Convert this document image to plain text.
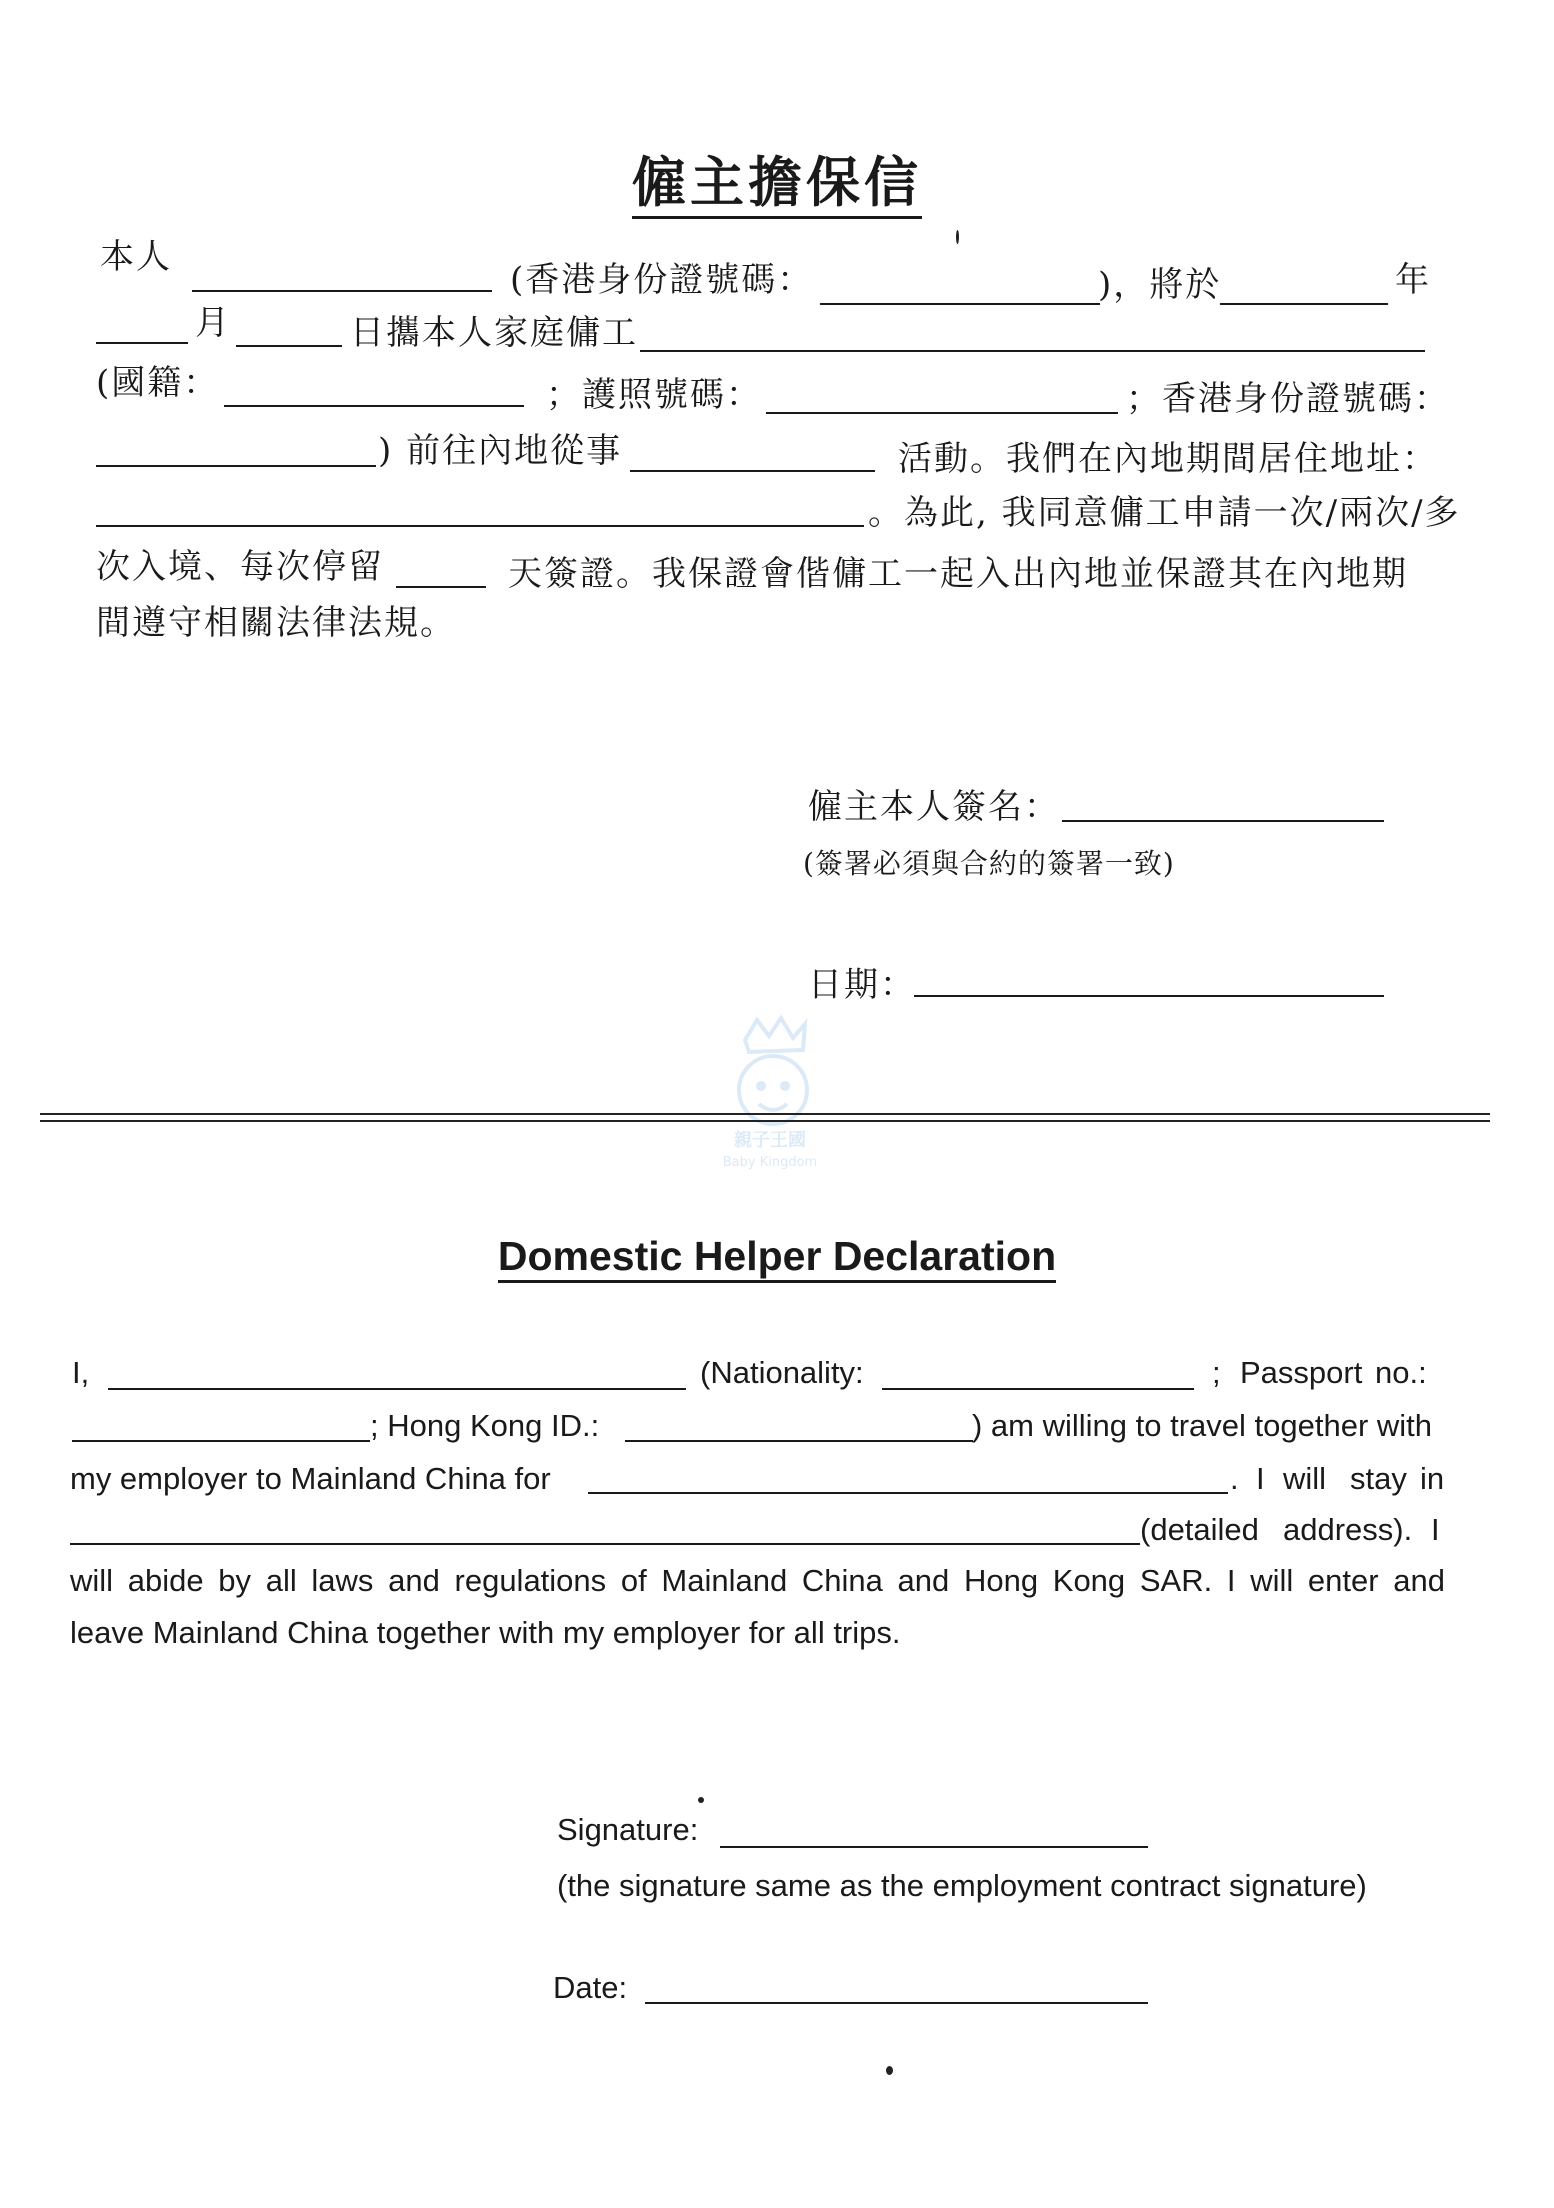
僱主擔保信
本人
(香港身份證號碼：	)，將於	年
月	日攜本人家庭傭工
(國籍：	；護照號碼：	；香港身份證號碼：
) 前往內地從事	活動。我們在內地期間居住地址：
。為此, 我同意傭工申請一次/兩次/多
次入境、每次停留	天簽證。我保證會偕傭工一起入出內地並保證其在內地期
間遵守相關法律法規。
僱主本人簽名：
(簽署必須與合約的簽署一致)
日期：
親子王國
Baby Kingdom
Domestic Helper Declaration
I,	(Nationality:	; Passport no.:
; Hong Kong ID.:	) am willing to travel together with
my employer to Mainland China for	. I will stay in
(detailed address). I
will abide by all laws and regulations of Mainland China and Hong Kong SAR. I will enter and
leave Mainland China together with my employer for all trips.
Signature:
(the signature same as the employment contract signature)
Date:
